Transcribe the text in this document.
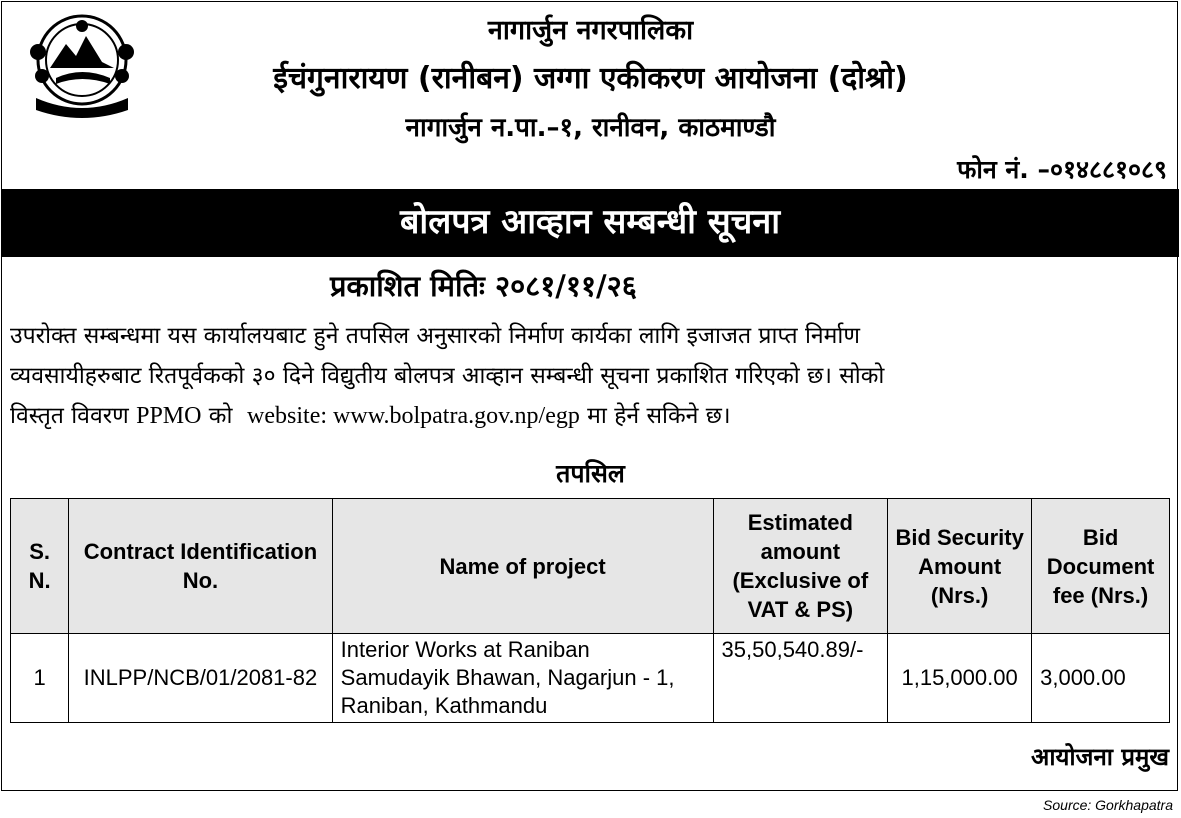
नागार्जुन नगरपालिका
ईचंगुनारायण (रानीबन) जग्गा एकीकरण आयोजना (दोश्रो)
नागार्जुन न.पा.–१, रानीवन, काठमाण्डौ
फोन नं. –०१४८८१०८९
बोलपत्र आव्हान सम्बन्धी सूचना
प्रकाशित मितिः २०८१/११/२६
उपरोक्त सम्बन्धमा यस कार्यालयबाट हुने तपसिल अनुसारको निर्माण कार्यका लागि इजाजत प्राप्त निर्माण
व्यवसायीहरुबाट रितपूर्वकको ३० दिने विद्युतीय बोलपत्र आव्हान सम्बन्धी सूचना प्रकाशित गरिएको छ। सोको
विस्तृत विवरण PPMO को website: www.bolpatra.gov.np/egp मा हेर्न सकिने छ।
तपसिल
S. N.	Contract Identification No.	Name of project	Estimated amount (Exclusive of VAT & PS)	Bid Security Amount (Nrs.)	Bid Document fee (Nrs.)
1	INLPP/NCB/01/2081-82	Interior Works at Raniban Samudayik Bhawan, Nagarjun - 1, Raniban, Kathmandu	35,50,540.89/-	1,15,000.00	3,000.00
आयोजना प्रमुख
Source: Gorkhapatra
